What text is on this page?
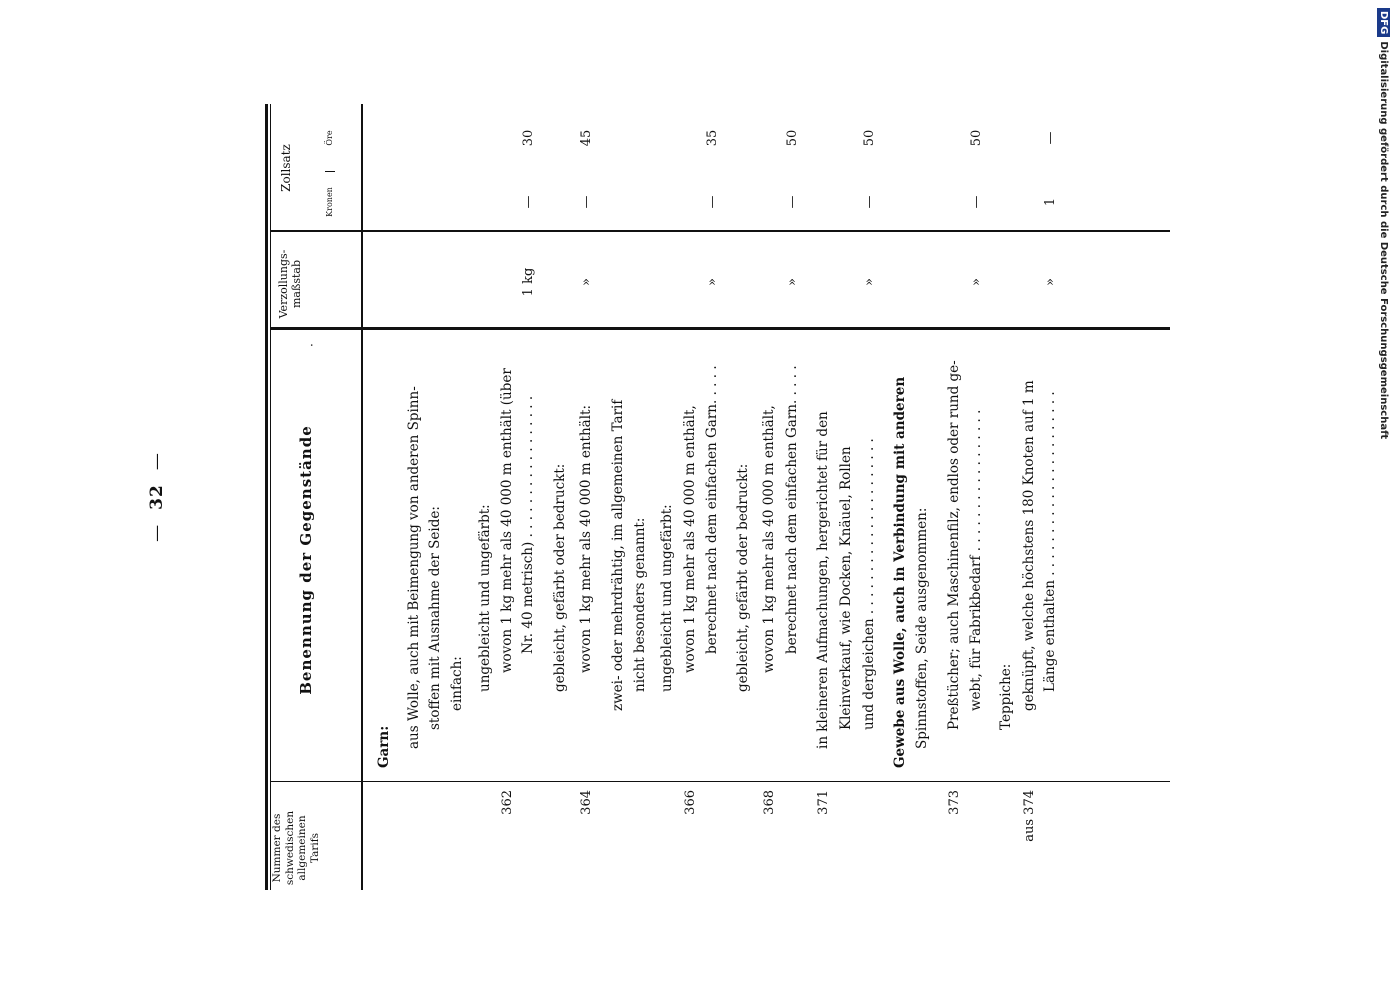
DFG
Digitalisierung gefördert durch die Deutsche Forschungsgemeinschaft
—32—
Nummer des schwedischen allgemeinen Tarifs
Benennung der Gegenstände
·
Verzollungs-maßstab
Zollsatz
Kronen
Öre
Garn: aus Wolle, auch mit Beimengung von anderen Spinn- stoffen mit Ausnahme der Seide: einfach: ungebleicht und ungefärbt:
362
wovon 1 kg mehr als 40 000 m enthält (über Nr. 40 metrisch) . . . . . . . . . . . . . . . . .
1 kg
—
30
gebleicht, gefärbt oder bedruckt:
364
wovon 1 kg mehr als 40 000 m enthält:
»
—
45
zwei- oder mehrdrähtig, im allgemeinen Tarif nicht besonders genannt: ungebleicht und ungefärbt:
366
wovon 1 kg mehr als 40 000 m enthält, berechnet nach dem einfachen Garn. . . . .
»
—
35
gebleicht, gefärbt oder bedruckt:
368
wovon 1 kg mehr als 40 000 m enthält, berechnet nach dem einfachen Garn. . . . .
»
—
50
371
in kleineren Aufmachungen, hergerichtet für den Kleinverkauf, wie Docken, Knäuel, Rollen und dergleichen . . . . . . . . . . . . . . . . . . . . .
»
—
50
Gewebe aus Wolle, auch in Verbindung mit anderen Spinnstoffen, Seide ausgenommen:
373
Preßtücher; auch Maschinenfilz, endlos oder rund ge- webt, für Fabrikbedarf . . . . . . . . . . . . . . . . .
»
—
50
Teppiche:
aus 374
geknüpft, welche höchstens 180 Knoten auf 1 m Länge enthalten . . . . . . . . . . . . . . . . . . . . . .
»
1
—
